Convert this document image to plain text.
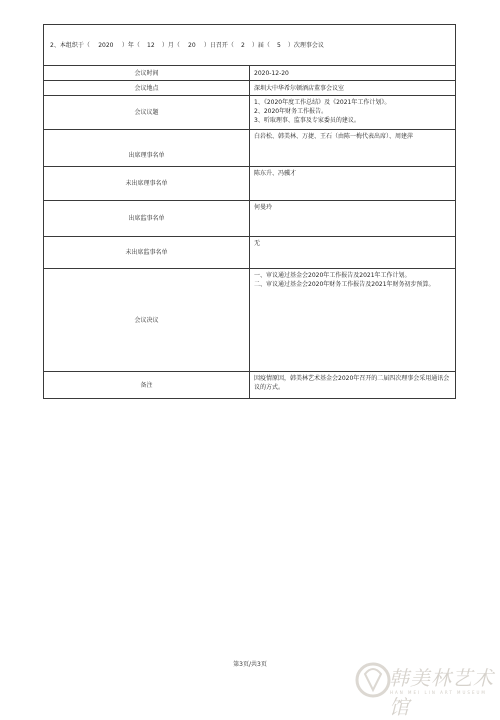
2、本组织于（ 2020 ）年（ 12 ）月（ 20 ）日召开（ 2 ）届（ 5 ）次理事会议	
会议时间	2020-12-20
会议地点	深圳大中华希尔顿酒店董事会议室
会议议题	1、《2020年度工作总结》及《2021年工作计划》。
2、2020年财务工作报告。
3、听取理事、监事及专家委员的建议。

出席理事名单	白岩松、韩美林、万捷、王石（由陈一梅代表出席）、周建萍
未出席理事名单	陈东升、冯骥才
出席监事名单	何曼玲
未出席监事名单	无
会议决议	一、审议通过基金会2020年工作报告及2021年工作计划。
二、审议通过基金会2020年财务工作报告及2021年财务初步预算。

备注	因疫情原因，韩美林艺术基金会2020年召开的二届四次理事会采用通讯会议的方式。
第3页/共3页
韩美林艺术馆
HAN MEI LIN ART MUSEUM
